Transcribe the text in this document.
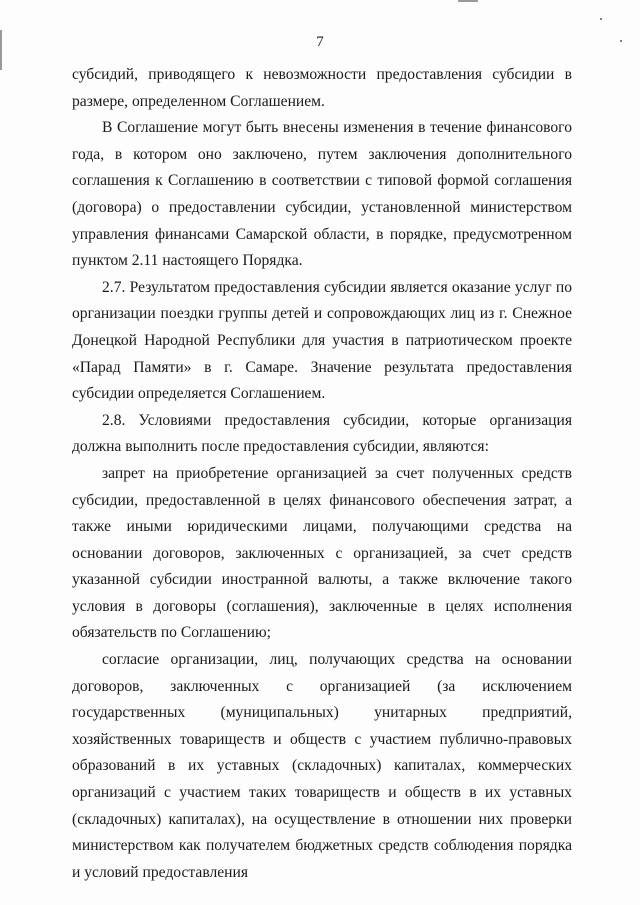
7

субсидий, приводящего к невозможности предоставления субсидии в размере, определенном Соглашением.

В Соглашение могут быть внесены изменения в течение финансового года, в котором оно заключено, путем заключения дополнительного соглашения к Соглашению в соответствии с типовой формой соглашения (договора) о предоставлении субсидии, установленной министерством управления финансами Самарской области, в порядке, предусмотренном пунктом 2.11 настоящего Порядка.

2.7. Результатом предоставления субсидии является оказание услуг по организации поездки группы детей и сопровождающих лиц из г. Снежное Донецкой Народной Республики для участия в патриотическом проекте «Парад Памяти» в г. Самаре. Значение результата предоставления субсидии определяется Соглашением.

2.8. Условиями предоставления субсидии, которые организация должна выполнить после предоставления субсидии, являются:

запрет на приобретение организацией за счет полученных средств субсидии, предоставленной в целях финансового обеспечения затрат, а также иными юридическими лицами, получающими средства на основании договоров, заключенных с организацией, за счет средств указанной субсидии иностранной валюты, а также включение такого условия в договоры (соглашения), заключенные в целях исполнения обязательств по Соглашению;

согласие организации, лиц, получающих средства на основании договоров, заключенных с организацией (за исключением государственных (муниципальных) унитарных предприятий, хозяйственных товариществ и обществ с участием публично-правовых образований в их уставных (складочных) капиталах, коммерческих организаций с участием таких товариществ и обществ в их уставных (складочных) капиталах), на осуществление в отношении них проверки министерством как получателем бюджетных средств соблюдения порядка и условий предоставления
